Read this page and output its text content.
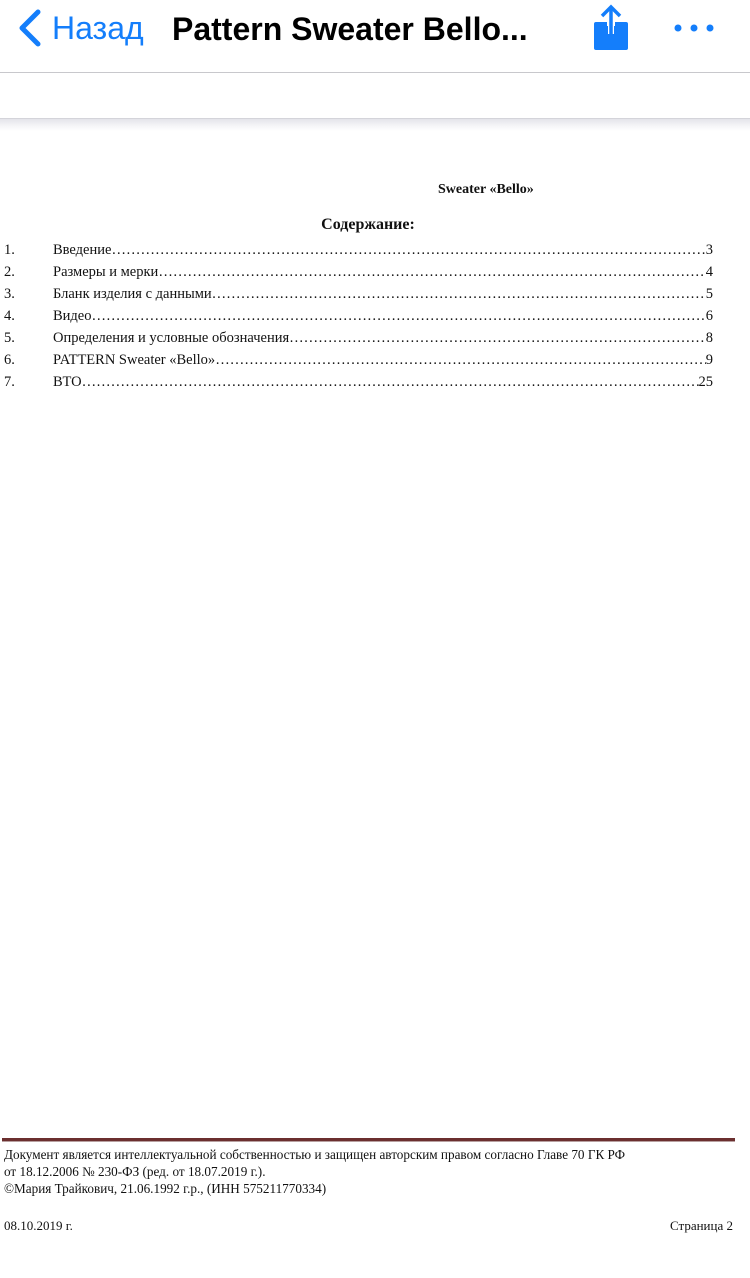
Назад Pattern Sweater Bello...
Sweater «Bello»
Содержание:
1.	Введение ……………………………………………………………………………………………………………………………………………………………	3
2.	Размеры и мерки ……………………………………………………………………………………………………………………………………………………………	4
3.	Бланк изделия с данными ……………………………………………………………………………………………………………………………………………………………	5
4.	Видео ……………………………………………………………………………………………………………………………………………………………	6
5.	Определения и условные обозначения ……………………………………………………………………………………………………………………………………………………………	8
6.	PATTERN Sweater «Bello» ……………………………………………………………………………………………………………………………………………………………	9
7.	ВТО ……………………………………………………………………………………………………………………………………………………………	25
Документ является интеллектуальной собственностью и защищен авторским правом согласно Главе 70 ГК РФ
от 18.12.2006 № 230-ФЗ (ред. от 18.07.2019 г.).
©Мария Трайкович, 21.06.1992 г.р., (ИНН 575211770334)
08.10.2019 г.	Страница 2
